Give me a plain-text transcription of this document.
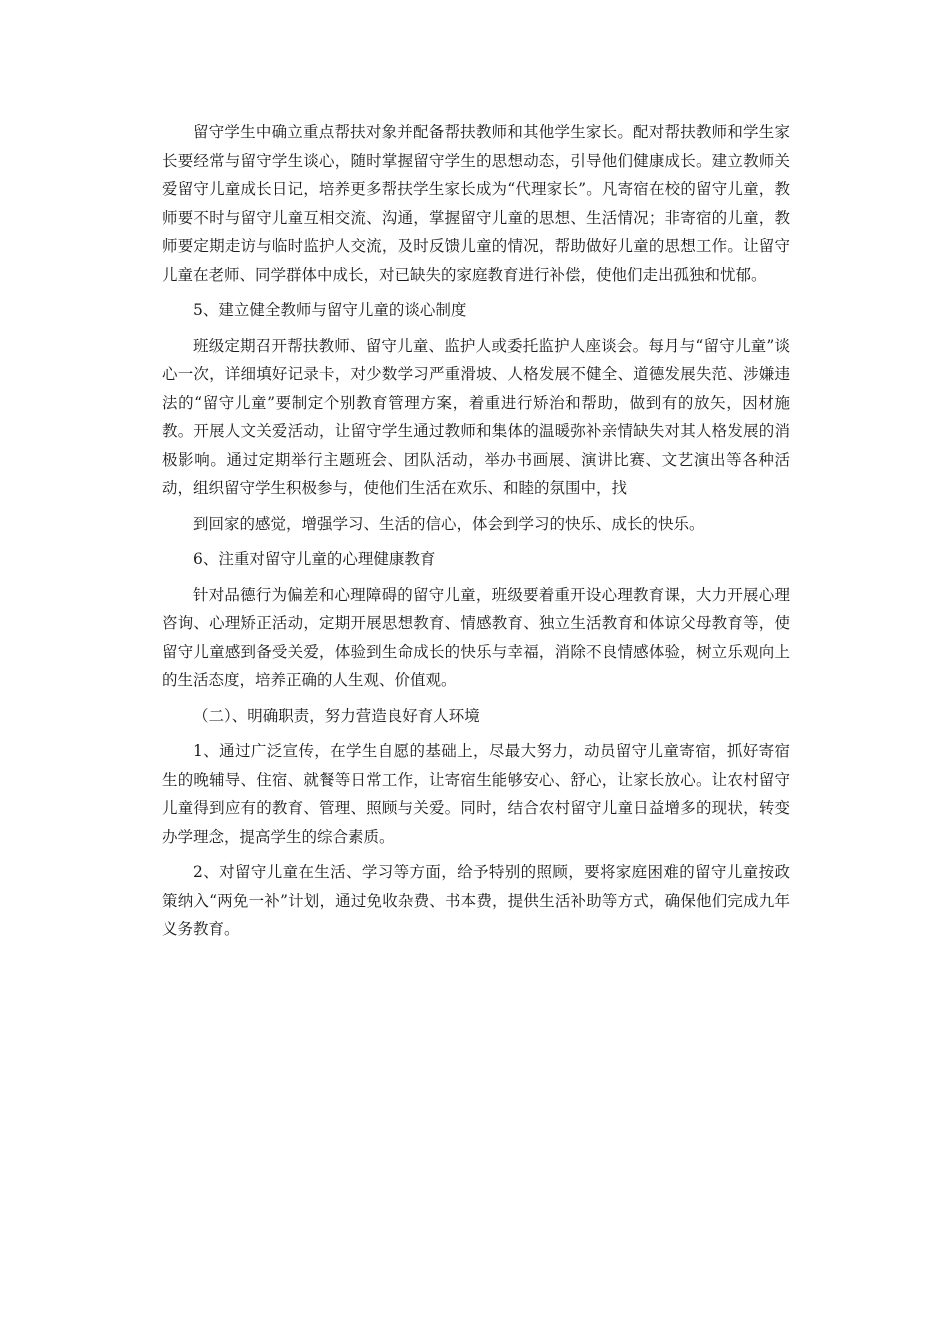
留守学生中确立重点帮扶对象并配备帮扶教师和其他学生家长。配对帮扶教师和学生家长要经常与留守学生谈心，随时掌握留守学生的思想动态，引导他们健康成长。建立教师关爱留守儿童成长日记，培养更多帮扶学生家长成为“代理家长”。凡寄宿在校的留守儿童，教师要不时与留守儿童互相交流、沟通，掌握留守儿童的思想、生活情况；非寄宿的儿童，教师要定期走访与临时监护人交流，及时反馈儿童的情况，帮助做好儿童的思想工作。让留守儿童在老师、同学群体中成长，对已缺失的家庭教育进行补偿，使他们走出孤独和忧郁。

5、建立健全教师与留守儿童的谈心制度

班级定期召开帮扶教师、留守儿童、监护人或委托监护人座谈会。每月与“留守儿童”谈心一次，详细填好记录卡，对少数学习严重滑坡、人格发展不健全、道德发展失范、涉嫌违法的“留守儿童”要制定个别教育管理方案，着重进行矫治和帮助，做到有的放矢，因材施教。开展人文关爱活动，让留守学生通过教师和集体的温暖弥补亲情缺失对其人格发展的消极影响。通过定期举行主题班会、团队活动，举办书画展、演讲比赛、文艺演出等各种活动，组织留守学生积极参与，使他们生活在欢乐、和睦的氛围中，找

到回家的感觉，增强学习、生活的信心，体会到学习的快乐、成长的快乐。

6、注重对留守儿童的心理健康教育

针对品德行为偏差和心理障碍的留守儿童，班级要着重开设心理教育课，大力开展心理咨询、心理矫正活动，定期开展思想教育、情感教育、独立生活教育和体谅父母教育等，使留守儿童感到备受关爱，体验到生命成长的快乐与幸福，消除不良情感体验，树立乐观向上的生活态度，培养正确的人生观、价值观。

（二）、明确职责，努力营造良好育人环境

1、通过广泛宣传，在学生自愿的基础上，尽最大努力，动员留守儿童寄宿，抓好寄宿生的晚辅导、住宿、就餐等日常工作，让寄宿生能够安心、舒心，让家长放心。让农村留守儿童得到应有的教育、管理、照顾与关爱。同时，结合农村留守儿童日益增多的现状，转变办学理念，提高学生的综合素质。

2、对留守儿童在生活、学习等方面，给予特别的照顾，要将家庭困难的留守儿童按政策纳入“两免一补”计划，通过免收杂费、书本费，提供生活补助等方式，确保他们完成九年义务教育。
